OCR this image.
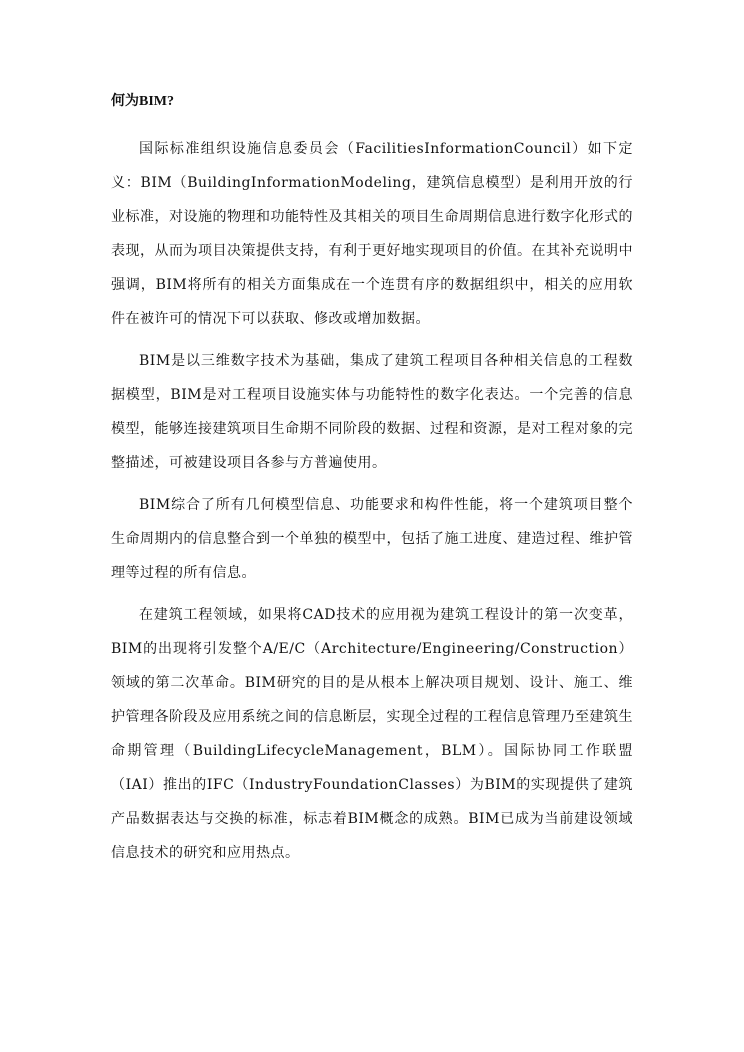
何为BIM?

国际标准组织设施信息委员会（FacilitiesInformationCouncil）如下定义：BIM（BuildingInformationModeling，建筑信息模型）是利用开放的行业标准，对设施的物理和功能特性及其相关的项目生命周期信息进行数字化形式的表现，从而为项目决策提供支持，有利于更好地实现项目的价值。在其补充说明中强调，BIM将所有的相关方面集成在一个连贯有序的数据组织中，相关的应用软件在被许可的情况下可以获取、修改或增加数据。

BIM是以三维数字技术为基础，集成了建筑工程项目各种相关信息的工程数据模型，BIM是对工程项目设施实体与功能特性的数字化表达。一个完善的信息模型，能够连接建筑项目生命期不同阶段的数据、过程和资源，是对工程对象的完整描述，可被建设项目各参与方普遍使用。

BIM综合了所有几何模型信息、功能要求和构件性能，将一个建筑项目整个生命周期内的信息整合到一个单独的模型中，包括了施工进度、建造过程、维护管理等过程的所有信息。

在建筑工程领域，如果将CAD技术的应用视为建筑工程设计的第一次变革，BIM的出现将引发整个A/E/C（Architecture/Engineering/Construction）领域的第二次革命。BIM研究的目的是从根本上解决项目规划、设计、施工、维护管理各阶段及应用系统之间的信息断层，实现全过程的工程信息管理乃至建筑生命期管理（BuildingLifecycleManagement，BLM）。国际协同工作联盟（IAI）推出的IFC（IndustryFoundationClasses）为BIM的实现提供了建筑产品数据表达与交换的标准，标志着BIM概念的成熟。BIM已成为当前建设领域信息技术的研究和应用热点。
